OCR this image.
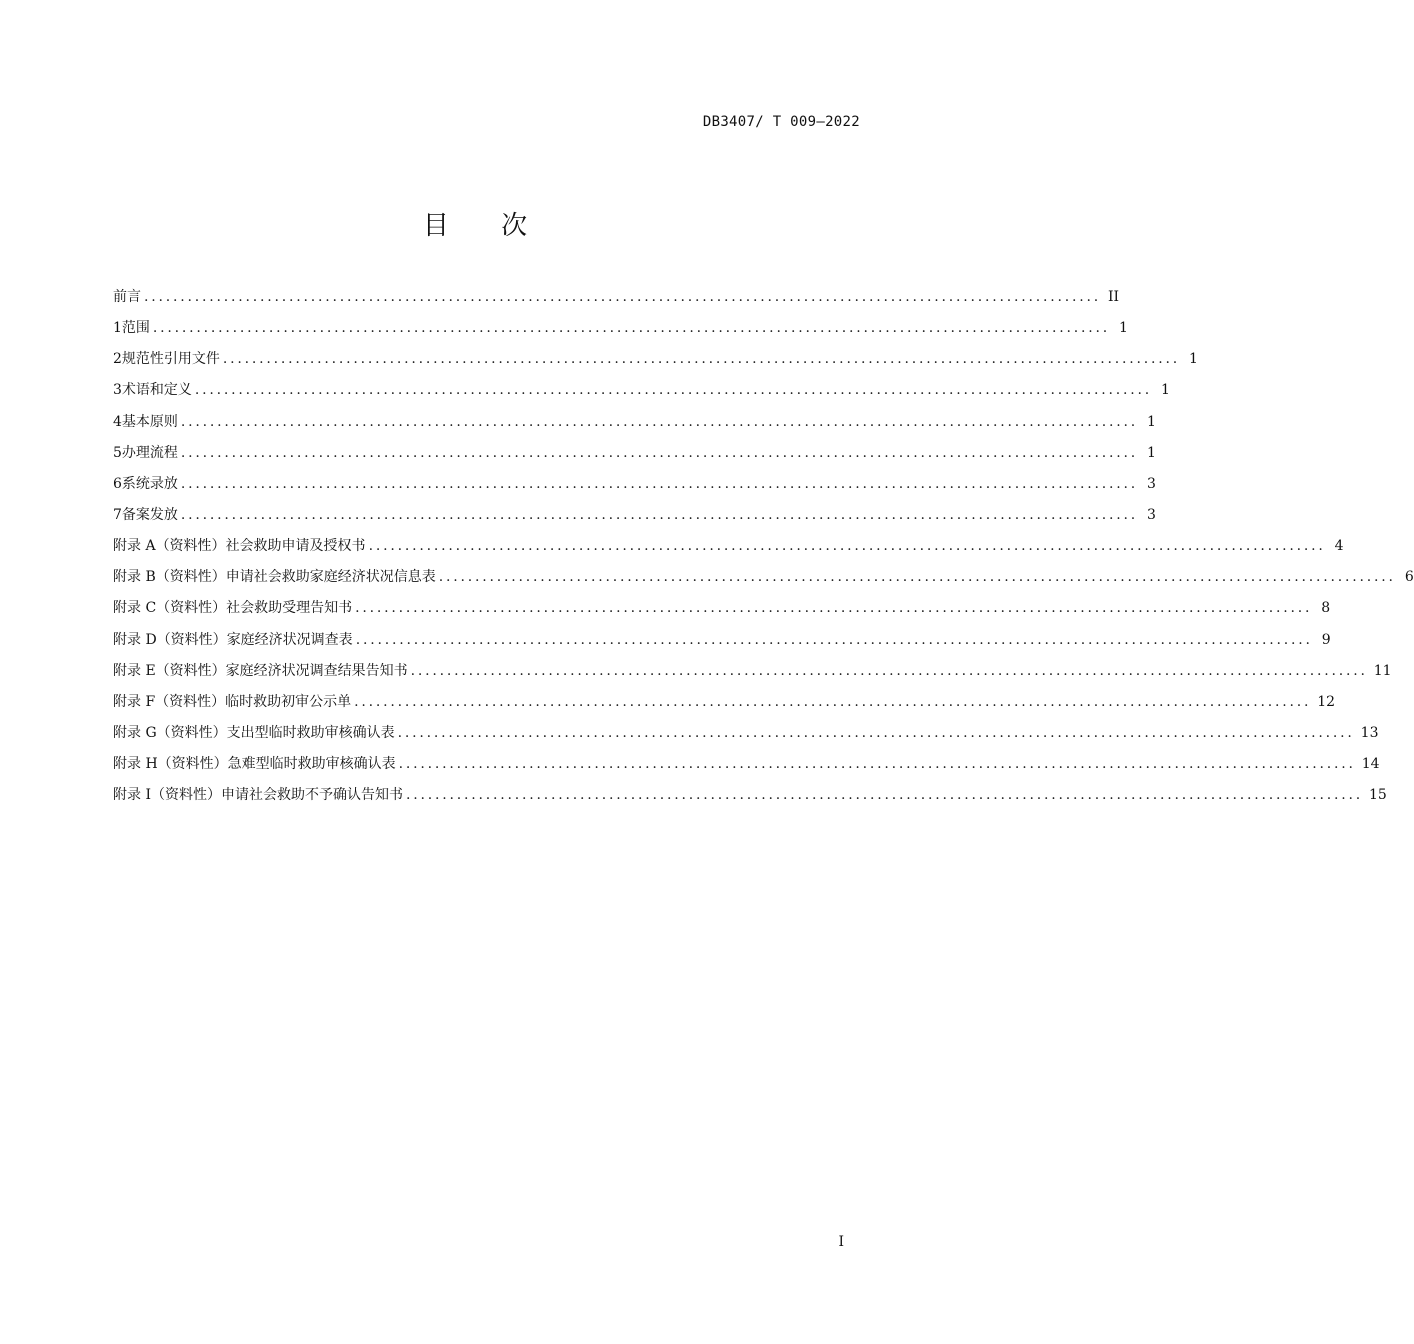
DB3407/ T 009—2022
目 次
前言 .................................................................................................................................... II
1 范围 .................................................................................................................................... 1
2 规范性引用文件 .................................................................................................................................... 1
3 术语和定义 .................................................................................................................................... 1
4 基本原则 .................................................................................................................................... 1
5 办理流程 .................................................................................................................................... 1
6 系统录放 .................................................................................................................................... 3
7 备案发放 .................................................................................................................................... 3
附录 A （资料性） 社会救助申请及授权书 .................................................................................................................................... 4
附录 B （资料性） 申请社会救助家庭经济状况信息表 .................................................................................................................................... 6
附录 C （资料性） 社会救助受理告知书 .................................................................................................................................... 8
附录 D （资料性） 家庭经济状况调查表 .................................................................................................................................... 9
附录 E （资料性） 家庭经济状况调查结果告知书 .................................................................................................................................... 11
附录 F （资料性） 临时救助初审公示单 .................................................................................................................................... 12
附录 G （资料性） 支出型临时救助审核确认表 .................................................................................................................................... 13
附录 H （资料性） 急难型临时救助审核确认表 .................................................................................................................................... 14
附录 I （资料性） 申请社会救助不予确认告知书 .................................................................................................................................... 15
I
